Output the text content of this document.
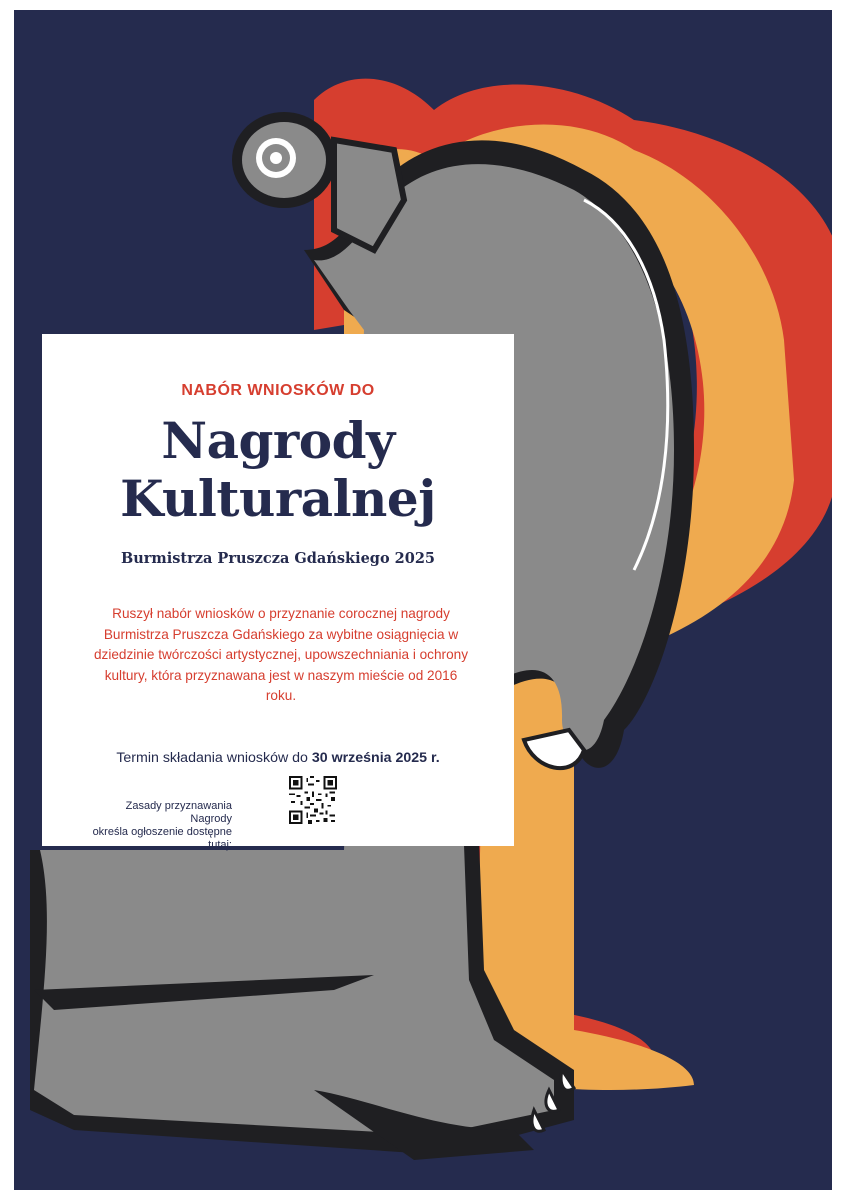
NABÓR WNIOSKÓW DO
Nagrody
Kulturalnej
Burmistrza Pruszcza Gdańskiego 2025
Ruszył nabór wniosków o przyznanie corocznej nagrody Burmistrza Pruszcza Gdańskiego za wybitne osiągnięcia w dziedzinie twórczości artystycznej, upowszechniania i ochrony kultury, która przyznawana jest w naszym mieście od 2016 roku.
Termin składania wniosków do 30 września 2025 r.
Zasady przyznawania Nagrody
określa ogłoszenie dostępne tutaj:
